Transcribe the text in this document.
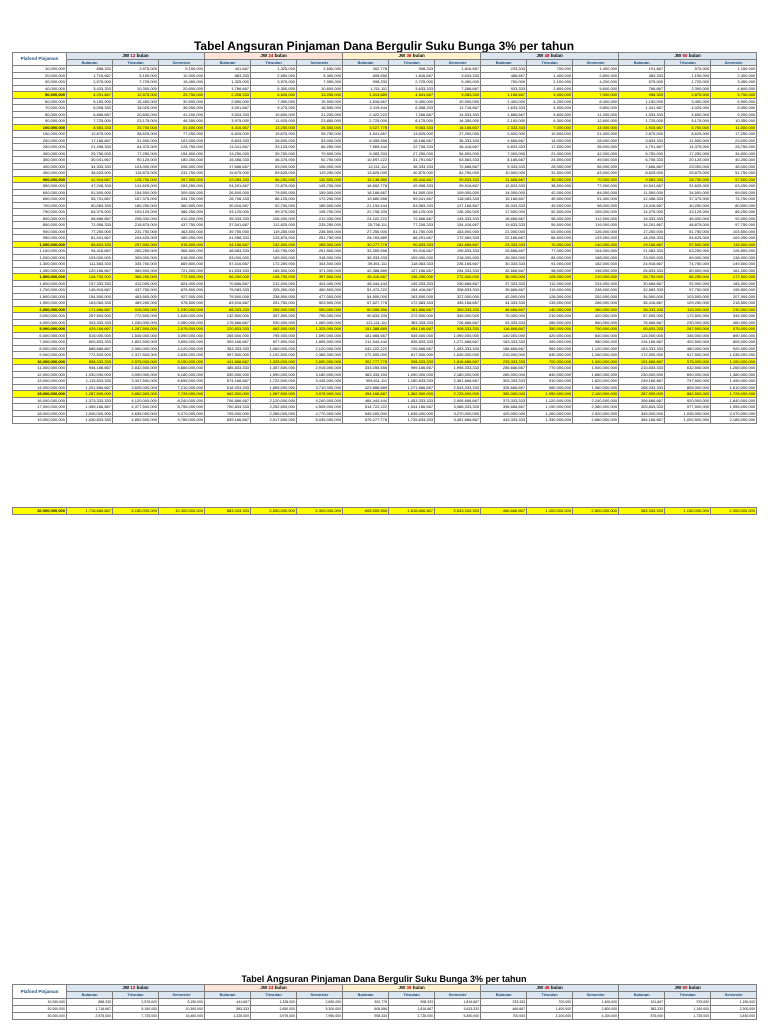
Tabel Angsuran Pinjaman Dana Bergulir Suku Bunga 3% per tahun
Plafond Pinjaman	JW 12 bulan			JW 24 bulan			JW 36 bulan			JW 48 bulan			JW 60 bulan		
	Bulanan	Triwulan	Semester	Bulanan	Triwulan	Semester	Bulanan	Triwulan	Semester	Bulanan	Triwulan	Semester	Bulanan	Triwulan	Semester
10,000,000	858,333	2,575,000	5,150,000	441,667	1,325,000	2,650,000	302,778	908,333	1,816,667	233,333	700,000	1,400,000	191,667	575,000	1,150,000
20,000,000	1,716,667	5,150,000	10,300,000	883,333	2,650,000	5,300,000	605,556	1,816,667	3,633,333	466,667	1,400,000	2,800,000	383,333	1,150,000	2,300,000
30,000,000	2,575,000	7,725,000	15,450,000	1,325,000	3,975,000	7,950,000	908,333	2,725,000	5,450,000	700,000	2,100,000	4,200,000	575,000	1,725,000	3,450,000
40,000,000	3,433,333	10,300,000	20,600,000	1,766,667	5,300,000	10,600,000	1,211,111	3,633,333	7,266,667	933,333	2,800,000	5,600,000	766,667	2,300,000	4,600,000
50,000,000	4,291,667	12,875,000	25,750,000	2,208,333	6,625,000	13,250,000	1,513,889	4,541,667	9,083,333	1,166,667	3,500,000	7,000,000	958,333	2,875,000	5,750,000
60,000,000	5,150,000	15,450,000	30,900,000	2,650,000	7,950,000	15,900,000	1,816,667	5,450,000	10,900,000	1,400,000	4,200,000	8,400,000	1,150,000	3,450,000	6,900,000
70,000,000	6,008,333	18,025,000	36,050,000	3,091,667	9,275,000	18,550,000	2,119,444	6,358,333	12,716,667	1,633,333	4,900,000	9,800,000	1,341,667	4,025,000	8,050,000
80,000,000	6,866,667	20,600,000	41,200,000	3,533,333	10,600,000	21,200,000	2,422,222	7,266,667	14,533,333	1,866,667	5,600,000	11,200,000	1,533,333	4,600,000	9,200,000
90,000,000	7,725,000	23,175,000	46,350,000	3,975,000	11,925,000	23,850,000	2,725,000	8,175,000	16,350,000	2,100,000	6,300,000	12,600,000	1,725,000	5,175,000	10,350,000
100,000,000	8,583,333	25,750,000	51,500,000	4,416,667	13,250,000	26,500,000	3,027,778	9,083,333	18,166,667	2,333,333	7,000,000	14,000,000	1,916,667	5,750,000	11,500,000
150,000,000	12,875,000	38,625,000	77,250,000	6,625,000	19,875,000	39,750,000	4,541,667	13,625,000	27,250,000	3,500,000	10,500,000	21,000,000	2,875,000	8,625,000	17,250,000
200,000,000	17,166,667	51,500,000	103,000,000	8,833,333	26,500,000	53,000,000	6,055,556	18,166,667	36,333,333	4,666,667	14,000,000	28,000,000	3,833,333	11,500,000	23,000,000
250,000,000	21,458,333	64,375,000	128,750,000	11,041,667	33,125,000	66,250,000	7,569,444	22,708,333	45,416,667	5,833,333	17,500,000	35,000,000	4,791,667	14,375,000	28,750,000
300,000,000	25,750,000	77,250,000	154,500,000	13,250,000	39,750,000	79,500,000	9,083,333	27,250,000	54,500,000	7,000,000	21,000,000	42,000,000	5,750,000	17,250,000	34,500,000
350,000,000	30,041,667	90,125,000	180,250,000	15,458,333	46,375,000	92,750,000	10,597,222	31,791,667	63,583,333	8,166,667	24,500,000	49,000,000	6,708,333	20,125,000	40,250,000
400,000,000	34,333,333	103,000,000	206,000,000	17,666,667	53,000,000	106,000,000	12,111,111	36,333,333	72,666,667	9,333,333	28,000,000	56,000,000	7,666,667	23,000,000	46,000,000
450,000,000	38,625,000	115,875,000	231,750,000	19,875,000	59,625,000	119,250,000	13,625,000	40,875,000	81,750,000	10,500,000	31,500,000	63,000,000	8,625,000	25,875,000	51,750,000
500,000,000	42,916,667	128,750,000	257,500,000	22,083,333	66,250,000	132,500,000	15,138,889	45,416,667	90,833,333	11,666,667	35,000,000	70,000,000	9,583,333	28,750,000	57,500,000
550,000,000	47,208,333	141,625,000	283,250,000	24,291,667	72,875,000	145,750,000	16,652,778	49,958,333	99,916,667	12,833,333	38,500,000	77,000,000	10,541,667	31,625,000	63,250,000
600,000,000	51,500,000	154,500,000	309,000,000	26,500,000	79,500,000	159,000,000	18,166,667	54,500,000	109,000,000	14,000,000	42,000,000	84,000,000	11,500,000	34,500,000	69,000,000
650,000,000	55,791,667	167,375,000	334,750,000	28,708,333	86,125,000	172,250,000	19,680,556	59,041,667	118,083,333	15,166,667	45,500,000	91,000,000	12,458,333	37,375,000	74,750,000
700,000,000	60,083,333	180,250,000	360,500,000	30,916,667	92,750,000	185,500,000	21,194,444	63,583,333	127,166,667	16,333,333	49,000,000	98,000,000	13,416,667	40,250,000	80,500,000
750,000,000	64,375,000	193,125,000	386,250,000	33,125,000	99,375,000	198,750,000	22,708,333	68,125,000	136,250,000	17,500,000	52,500,000	105,000,000	14,375,000	43,125,000	86,250,000
800,000,000	68,666,667	206,000,000	412,000,000	35,333,333	106,000,000	212,000,000	24,222,222	72,666,667	145,333,333	18,666,667	56,000,000	112,000,000	15,333,333	46,000,000	92,000,000
850,000,000	72,958,333	218,875,000	437,750,000	37,541,667	112,625,000	225,250,000	25,736,111	77,208,333	154,416,667	19,833,333	59,500,000	119,000,000	16,291,667	48,875,000	97,750,000
900,000,000	77,250,000	231,750,000	463,500,000	39,750,000	119,250,000	238,500,000	27,250,000	81,750,000	163,500,000	21,000,000	63,000,000	126,000,000	17,250,000	51,750,000	103,500,000
950,000,000	81,541,667	244,625,000	489,250,000	41,958,333	125,875,000	251,750,000	28,763,889	86,291,667	172,583,333	22,166,667	66,500,000	133,000,000	18,208,333	54,625,000	109,250,000
1,000,000,000	85,833,333	257,500,000	515,000,000	44,166,667	132,500,000	265,000,000	30,277,778	90,833,333	181,666,667	23,333,333	70,000,000	140,000,000	19,166,667	57,500,000	115,000,000
1,100,000,000	94,416,667	283,250,000	566,500,000	48,583,333	145,750,000	291,500,000	33,305,556	99,916,667	199,833,333	25,666,667	77,000,000	154,000,000	21,083,333	63,250,000	126,500,000
1,200,000,000	103,000,000	309,000,000	618,000,000	53,000,000	159,000,000	318,000,000	36,333,333	109,000,000	218,000,000	28,000,000	84,000,000	168,000,000	23,000,000	69,000,000	138,000,000
1,300,000,000	111,583,333	334,750,000	669,500,000	57,416,667	172,250,000	344,500,000	39,361,111	118,083,333	236,166,667	30,333,333	91,000,000	182,000,000	24,916,667	74,750,000	149,500,000
1,400,000,000	120,166,667	360,500,000	721,000,000	61,833,333	185,500,000	371,000,000	42,388,889	127,166,667	254,333,333	32,666,667	98,000,000	196,000,000	26,833,333	80,500,000	161,000,000
1,500,000,000	128,750,000	386,250,000	772,500,000	66,250,000	198,750,000	397,500,000	45,416,667	136,250,000	272,500,000	35,000,000	105,000,000	210,000,000	28,750,000	86,250,000	172,500,000
1,600,000,000	137,333,333	412,000,000	824,000,000	70,666,667	212,000,000	424,000,000	48,444,444	145,333,333	290,666,667	37,333,333	112,000,000	224,000,000	30,666,667	92,000,000	184,000,000
1,700,000,000	145,916,667	437,750,000	875,500,000	75,083,333	225,250,000	450,500,000	51,472,222	154,416,667	308,833,333	39,666,667	119,000,000	238,000,000	32,583,333	97,750,000	195,500,000
1,800,000,000	154,500,000	463,500,000	927,000,000	79,500,000	238,500,000	477,000,000	54,500,000	163,500,000	327,000,000	42,000,000	126,000,000	252,000,000	34,500,000	103,500,000	207,000,000
1,900,000,000	163,083,333	489,250,000	978,500,000	83,916,667	251,750,000	503,500,000	57,527,778	172,583,333	345,166,667	44,333,333	133,000,000	266,000,000	36,416,667	109,250,000	218,500,000
2,000,000,000	171,666,667	515,000,000	1,030,000,000	88,333,333	265,000,000	530,000,000	60,555,556	181,666,667	363,333,333	46,666,667	140,000,000	280,000,000	38,333,333	115,000,000	230,000,000
3,000,000,000	257,500,000	772,500,000	1,545,000,000	132,500,000	397,500,000	795,000,000	90,833,333	272,500,000	545,000,000	70,000,000	210,000,000	420,000,000	57,500,000	172,500,000	345,000,000
4,000,000,000	343,333,333	1,030,000,000	2,060,000,000	176,666,667	530,000,000	1,060,000,000	121,111,111	363,333,333	726,666,667	93,333,333	280,000,000	560,000,000	76,666,667	230,000,000	460,000,000
5,000,000,000	429,166,667	1,287,500,000	2,575,000,000	220,833,333	662,500,000	1,325,000,000	151,388,889	454,166,667	908,333,333	116,666,667	350,000,000	700,000,000	95,833,333	287,500,000	575,000,000
6,000,000,000	515,000,000	1,545,000,000	3,090,000,000	265,000,000	795,000,000	1,590,000,000	181,666,667	545,000,000	1,090,000,000	140,000,000	420,000,000	840,000,000	115,000,000	345,000,000	690,000,000
7,000,000,000	600,833,333	1,802,500,000	3,605,000,000	309,166,667	927,500,000	1,855,000,000	211,944,444	635,833,333	1,271,666,667	163,333,333	490,000,000	980,000,000	134,166,667	402,500,000	805,000,000
8,000,000,000	686,666,667	2,060,000,000	4,120,000,000	353,333,333	1,060,000,000	2,120,000,000	242,222,222	726,666,667	1,453,333,333	186,666,667	560,000,000	1,120,000,000	153,333,333	460,000,000	920,000,000
9,000,000,000	772,500,000	2,317,500,000	4,635,000,000	397,500,000	1,192,500,000	2,385,000,000	272,500,000	817,500,000	1,635,000,000	210,000,000	630,000,000	1,260,000,000	172,500,000	517,500,000	1,035,000,000
10,000,000,000	858,333,333	2,575,000,000	5,150,000,000	441,666,667	1,325,000,000	2,650,000,000	302,777,778	908,333,333	1,816,666,667	233,333,333	700,000,000	1,400,000,000	191,666,667	575,000,000	1,150,000,000
11,000,000,000	944,166,667	2,832,500,000	5,665,000,000	485,833,333	1,457,500,000	2,915,000,000	333,055,556	999,166,667	1,998,333,333	256,666,667	770,000,000	1,540,000,000	210,833,333	632,500,000	1,265,000,000
12,000,000,000	1,030,000,000	3,090,000,000	6,180,000,000	530,000,000	1,590,000,000	3,180,000,000	363,333,333	1,090,000,000	2,180,000,000	280,000,000	840,000,000	1,680,000,000	230,000,000	690,000,000	1,380,000,000
13,000,000,000	1,115,833,333	3,347,500,000	6,695,000,000	574,166,667	1,722,500,000	3,445,000,000	393,611,111	1,180,833,333	2,361,666,667	303,333,333	910,000,000	1,820,000,000	249,166,667	747,500,000	1,495,000,000
14,000,000,000	1,201,666,667	3,605,000,000	7,210,000,000	618,333,333	1,855,000,000	3,710,000,000	423,888,889	1,271,666,667	2,543,333,333	326,666,667	980,000,000	1,960,000,000	268,333,333	805,000,000	1,610,000,000
15,000,000,000	1,287,500,000	3,862,500,000	7,725,000,000	662,500,000	1,987,500,000	3,975,000,000	454,166,667	1,362,500,000	2,725,000,000	350,000,000	1,050,000,000	2,100,000,000	287,500,000	862,500,000	1,725,000,000
16,000,000,000	1,373,333,333	4,120,000,000	8,240,000,000	706,666,667	2,120,000,000	4,240,000,000	484,444,444	1,453,333,333	2,906,666,667	373,333,333	1,120,000,000	2,240,000,000	306,666,667	920,000,000	1,840,000,000
17,000,000,000	1,459,166,667	4,377,500,000	8,755,000,000	750,833,333	2,252,500,000	4,505,000,000	514,722,222	1,544,166,667	3,088,333,333	396,666,667	1,190,000,000	2,380,000,000	325,833,333	977,500,000	1,955,000,000
18,000,000,000	1,545,000,000	4,635,000,000	9,270,000,000	795,000,000	2,385,000,000	4,770,000,000	545,000,000	1,635,000,000	3,270,000,000	420,000,000	1,260,000,000	2,520,000,000	345,000,000	1,035,000,000	2,070,000,000
19,000,000,000	1,630,833,333	4,892,500,000	9,785,000,000	839,166,667	2,517,500,000	5,035,000,000	575,277,778	1,725,833,333	3,451,666,667	443,333,333	1,330,000,000	2,660,000,000	364,166,667	1,092,500,000	2,185,000,000
20,000,000,000	1,716,666,667	5,150,000,000	10,300,000,000	883,333,333	2,650,000,000	5,300,000,000	605,555,556	1,816,666,667	3,633,333,333	466,666,667	1,400,000,000	2,800,000,000	383,333,333	1,150,000,000	2,300,000,000
Tabel Angsuran Pinjaman Dana Bergulir Suku Bunga 3% per tahun
Plafond Pinjaman	JW 12 bulan			JW 24 bulan			JW 36 bulan			JW 48 bulan			JW 60 bulan		
	Bulanan	Triwulan	Semester	Bulanan	Triwulan	Semester	Bulanan	Triwulan	Semester	Bulanan	Triwulan	Semester	Bulanan	Triwulan	Semester
10,000,000	858,333	2,575,000	5,150,000	441,667	1,325,000	2,650,000	302,778	908,333	1,816,667	233,333	700,000	1,400,000	191,667	575,000	1,150,000
20,000,000	1,716,667	5,150,000	10,300,000	883,333	2,650,000	5,300,000	605,556	1,816,667	3,633,333	466,667	1,400,000	2,800,000	383,333	1,150,000	2,300,000
30,000,000	2,575,000	7,725,000	15,450,000	1,325,000	3,975,000	7,950,000	908,333	2,725,000	5,450,000	700,000	2,100,000	4,200,000	575,000	1,725,000	3,450,000
